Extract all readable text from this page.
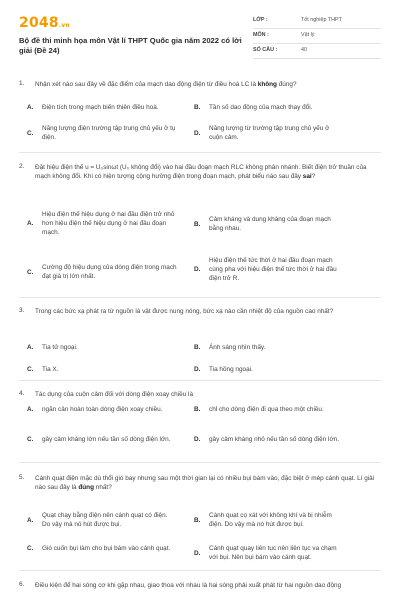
2048.vn
Bộ đề thi minh họa môn Vật lí THPT Quốc gia năm 2022 có lời giải (Đề 24)
LỚP :	Tốt nghiệp THPT
MÔN :	Vật lý
SỐ CÂU :	40
1. Nhận xét nào sau đây về đặc điểm của mạch dao động điện từ điều hoà LC là không đúng?
A. Điện tích trong mạch biến thiên điều hoà.	B. Tần số dao động của mạch thay đổi.
C.
Năng lượng điện trường tập trung chủ yếu ở tụ điện.
D.
Năng lượng từ trường tập trung chủ yếu ở cuộn cảm.
2. Đặt hiệu điện thế u = U₀sinωt (U₀ không đổi) vào hai đầu đoạn mạch RLC không phân nhánh. Biết điện trở thuần của mạch không đổi. Khi có hiện tượng cộng hưởng điện trong đoạn mạch, phát biểu nào sau đây sai?
A.
Hiệu điện thế hiệu dụng ở hai đầu điện trở nhỏ hơn hiệu điện thế hiệu dụng ở hai đầu đoạn mạch.
B.
Cảm kháng và dung kháng của đoạn mạch bằng nhau.
C.
Cường độ hiệu dụng của dòng điện trong mạch đạt giá trị lớn nhất.
D.
Hiệu điện thế tức thời ở hai đầu đoạn mạch cùng pha với hiệu điện thế tức thời ở hai đầu điện trở R.
3. Trong các bức xạ phát ra từ nguồn là vật được nung nóng, bức xạ nào cần nhiệt độ của nguồn cao nhất?
A. Tia tử ngoại.	B. Ánh sáng nhìn thấy.
C. Tia X.	D. Tia hồng ngoại.
4. Tác dụng của cuộn cảm đối với dòng điện xoay chiều là
A. ngăn cản hoàn toàn dòng điện xoay chiều.	B. chỉ cho dòng điện đi qua theo một chiều.
C. gây cảm kháng lớn nếu tần số dòng điện lớn.	D. gây cảm kháng nhỏ nếu tần số dòng điện lớn.
5. Cánh quạt điện mặc dù thổi gió bay nhưng sau một thời gian lại có nhiều bụi bám vào, đặc biệt ở mép cánh quạt. Lí giải nào sau đây là đúng nhất?
A.
Quạt chạy bằng điện nên cánh quạt có điện. Do vậy mà nó hút được bụi.
B.
Cánh quạt cọ xát với không khí và bị nhiễm điện. Do vậy mà nó hút được bụi.
C. Gió cuốn bụi làm cho bụi bám vào cánh quạt.
D.
Cánh quạt quay liên tục nên liên tục va chạm với bụi. Nên bụi bám vào cánh quạt.
6. Điều kiện để hai sóng cơ khi gặp nhau, giao thoa với nhau là hai sóng phải xuất phát từ hai nguồn dao động
